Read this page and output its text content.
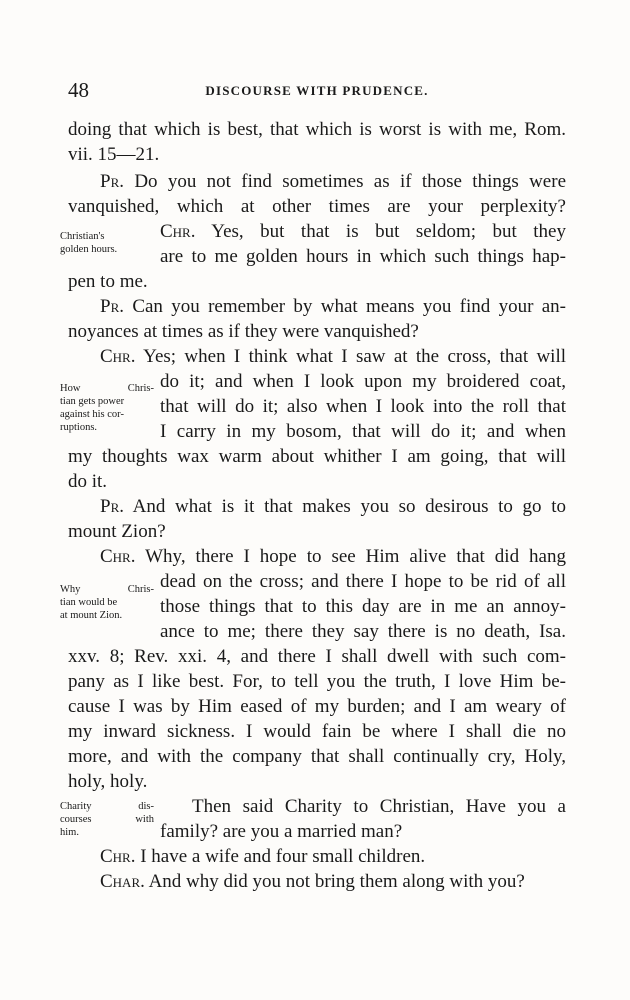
48	DISCOURSE WITH PRUDENCE.
doing that which is best, that which is worst is with me, Rom.
vii. 15—21.
Pr. Do you not find sometimes as if those things were
vanquished, which at other times are your perplexity?
Chr. Yes, but that is but seldom; but they
are to me golden hours in which such things hap-
pen to me.
Pr. Can you remember by what means you find your an-
noyances at times as if they were vanquished?
Chr. Yes; when I think what I saw at the cross, that will
do it; and when I look upon my broidered coat,
that will do it; also when I look into the roll that
I carry in my bosom, that will do it; and when
my thoughts wax warm about whither I am going, that will
do it.
Pr. And what is it that makes you so desirous to go to
mount Zion?
Chr. Why, there I hope to see Him alive that did hang
dead on the cross; and there I hope to be rid of all
those things that to this day are in me an annoy-
ance to me; there they say there is no death, Isa.
xxv. 8; Rev. xxi. 4, and there I shall dwell with such com-
pany as I like best. For, to tell you the truth, I love Him be-
cause I was by Him eased of my burden; and I am weary of
my inward sickness. I would fain be where I shall die no
more, and with the company that shall continually cry, Holy,
holy, holy.
Then said Charity to Christian, Have you a
family? are you a married man?
Chr. I have a wife and four small children.
Char. And why did you not bring them along with you?
Christian's
golden hours.
How Chris-
tian gets power
against his cor-
ruptions.
Why Chris-
tian would be
at mount Zion.
Charity dis-
courses with
him.
